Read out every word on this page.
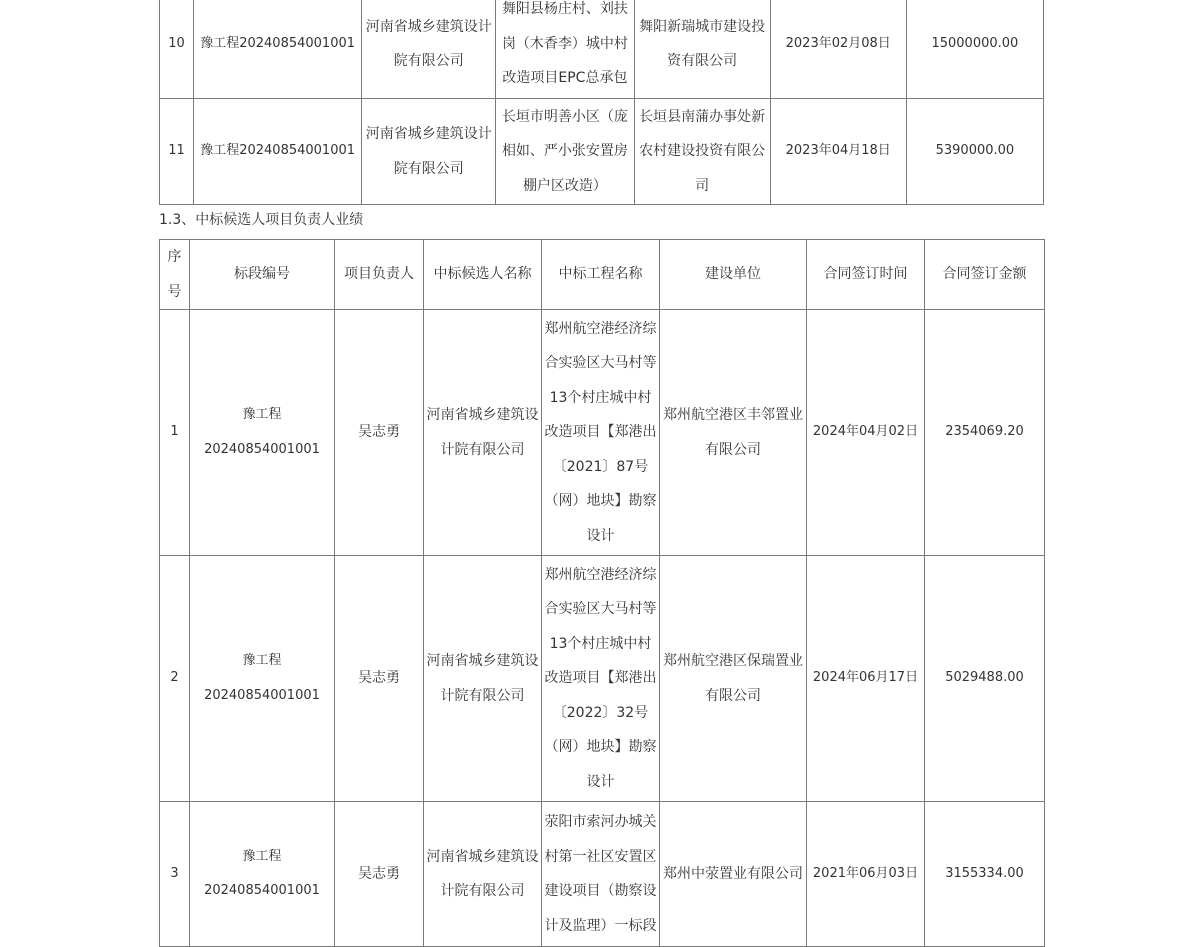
10	豫工程20240854001001	河南省城乡建筑设计院有限公司	舞阳县杨庄村、刘扶岗（木香李）城中村改造项目EPC总承包	舞阳新瑞城市建设投资有限公司	2023年02月08日	15000000.00
11	豫工程20240854001001	河南省城乡建筑设计院有限公司	长垣市明善小区（庞相如、严小张安置房棚户区改造）	长垣县南蒲办事处新农村建设投资有限公司	2023年04月18日	5390000.00
1.3、中标候选人项目负责人业绩
序号	标段编号	项目负责人	中标候选人名称	中标工程名称	建设单位	合同签订时间	合同签订金额
1	豫工程20240854001001	吴志勇	河南省城乡建筑设计院有限公司	郑州航空港经济综合实验区大马村等13个村庄城中村改造项目【郑港出〔2021〕87号（网）地块】勘察设计	郑州航空港区丰邻置业有限公司	2024年04月02日	2354069.20
2	豫工程20240854001001	吴志勇	河南省城乡建筑设计院有限公司	郑州航空港经济综合实验区大马村等13个村庄城中村改造项目【郑港出〔2022〕32号（网）地块】勘察设计	郑州航空港区保瑞置业有限公司	2024年06月17日	5029488.00
3	豫工程20240854001001	吴志勇	河南省城乡建筑设计院有限公司	荥阳市索河办城关村第一社区安置区建设项目（勘察设计及监理）一标段	郑州中荥置业有限公司	2021年06月03日	3155334.00
